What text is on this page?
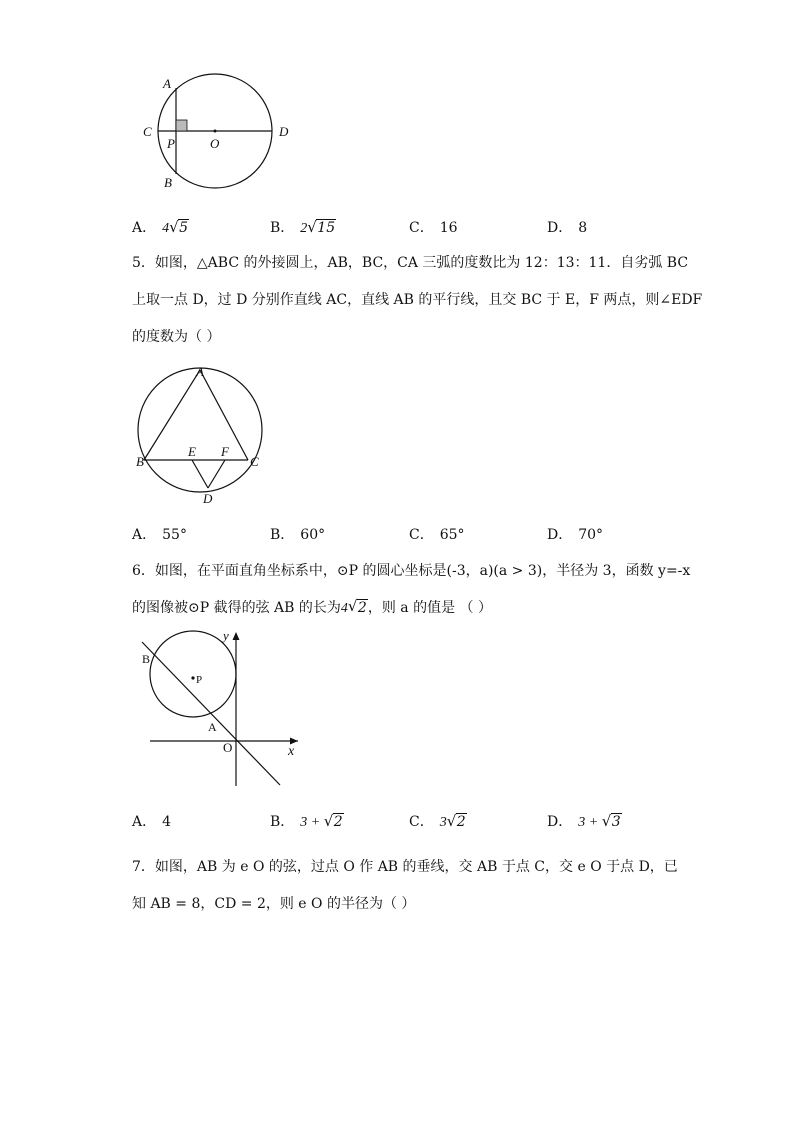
A
C	D
P	O
B
A． 4 √ 5	B． 2 √ 15	C． 16	D． 8
5．如图，△ABC 的外接圆上，AB，BC，CA 三弧的度数比为 12：13：11．自劣弧 BC
上取一点 D，过 D 分别作直线 AC，直线 AB 的平行线，且交 BC 于 E，F 两点，则∠EDF
的度数为（ ）
A
B	C
E F
D
A． 55°	B． 60°	C． 65°	D． 70°
6．如图，在平面直角坐标系中，⊙P 的圆心坐标是(-3，a)(a > 3)，半径为 3，函数 y=-x
的图像被⊙P 截得的弦 AB 的长为4 √ 2，则 a 的值是 （ ）
y
x
O
P
A
B
A． 4	B． 3 + √ 2	C． 3 √ 2	D． 3 + √ 3
7．如图，AB 为 e O 的弦，过点 O 作 AB 的垂线，交 AB 于点 C，交 e O 于点 D，已
知 AB = 8，CD = 2，则 e O 的半径为（ ）
